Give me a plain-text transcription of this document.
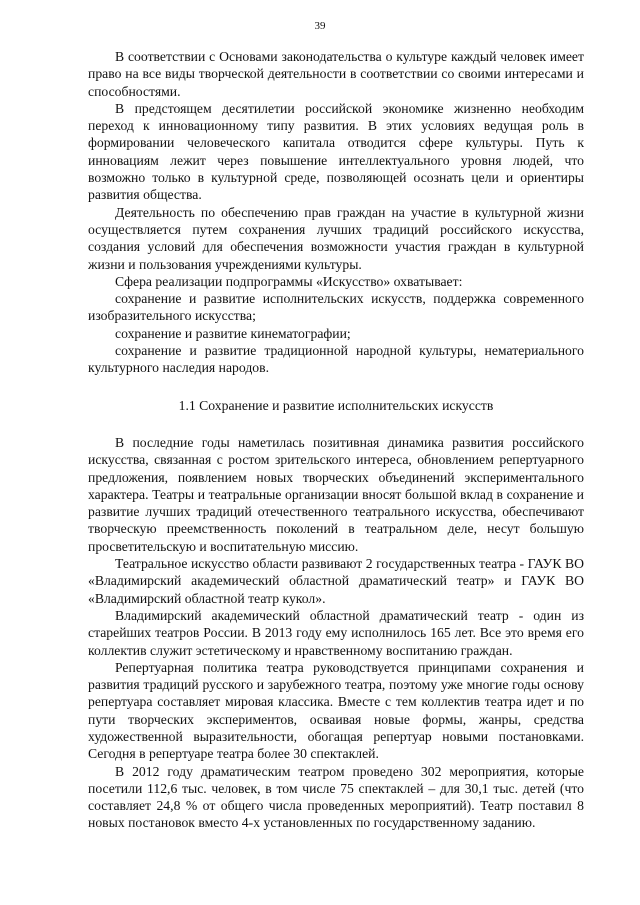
39

В соответствии с Основами законодательства о культуре каждый человек имеет право на все виды творческой деятельности в соответствии со своими интересами и способностями.

В предстоящем десятилетии российской экономике жизненно необходим переход к инновационному типу развития. В этих условиях ведущая роль в формировании человеческого капитала отводится сфере культуры. Путь к инновациям лежит через повышение интеллектуального уровня людей, что возможно только в культурной среде, позволяющей осознать цели и ориентиры развития общества.

Деятельность по обеспечению прав граждан на участие в культурной жизни осуществляется путем сохранения лучших традиций российского искусства, создания условий для обеспечения возможности участия граждан в культурной жизни и пользования учреждениями культуры.

Сфера реализации подпрограммы «Искусство» охватывает:

сохранение и развитие исполнительских искусств, поддержка современного изобразительного искусства;

сохранение и развитие кинематографии;

сохранение и развитие традиционной народной культуры, нематериального культурного наследия народов.

1.1 Сохранение и развитие исполнительских искусств

В последние годы наметилась позитивная динамика развития российского искусства, связанная с ростом зрительского интереса, обновлением репертуарного предложения, появлением новых творческих объединений экспериментального характера. Театры и театральные организации вносят большой вклад в сохранение и развитие лучших традиций отечественного театрального искусства, обеспечивают творческую преемственность поколений в театральном деле, несут большую просветительскую и воспитательную миссию.

Театральное искусство области развивают 2 государственных театра - ГАУК ВО «Владимирский академический областной драматический театр» и ГАУК ВО «Владимирский областной театр кукол».

Владимирский академический областной драматический театр - один из старейших театров России. В 2013 году ему исполнилось 165 лет. Все это время его коллектив служит эстетическому и нравственному воспитанию граждан.

Репертуарная политика театра руководствуется принципами сохранения и развития традиций русского и зарубежного театра, поэтому уже многие годы основу репертуара составляет мировая классика. Вместе с тем коллектив театра идет и по пути творческих экспериментов, осваивая новые формы, жанры, средства художественной выразительности, обогащая репертуар новыми постановками. Сегодня в репертуаре театра более 30 спектаклей.

В 2012 году драматическим театром проведено 302 мероприятия, которые посетили 112,6 тыс. человек, в том числе 75 спектаклей – для 30,1 тыс. детей (что составляет 24,8 % от общего числа проведенных мероприятий). Театр поставил 8 новых постановок вместо 4-х установленных по государственному заданию.
